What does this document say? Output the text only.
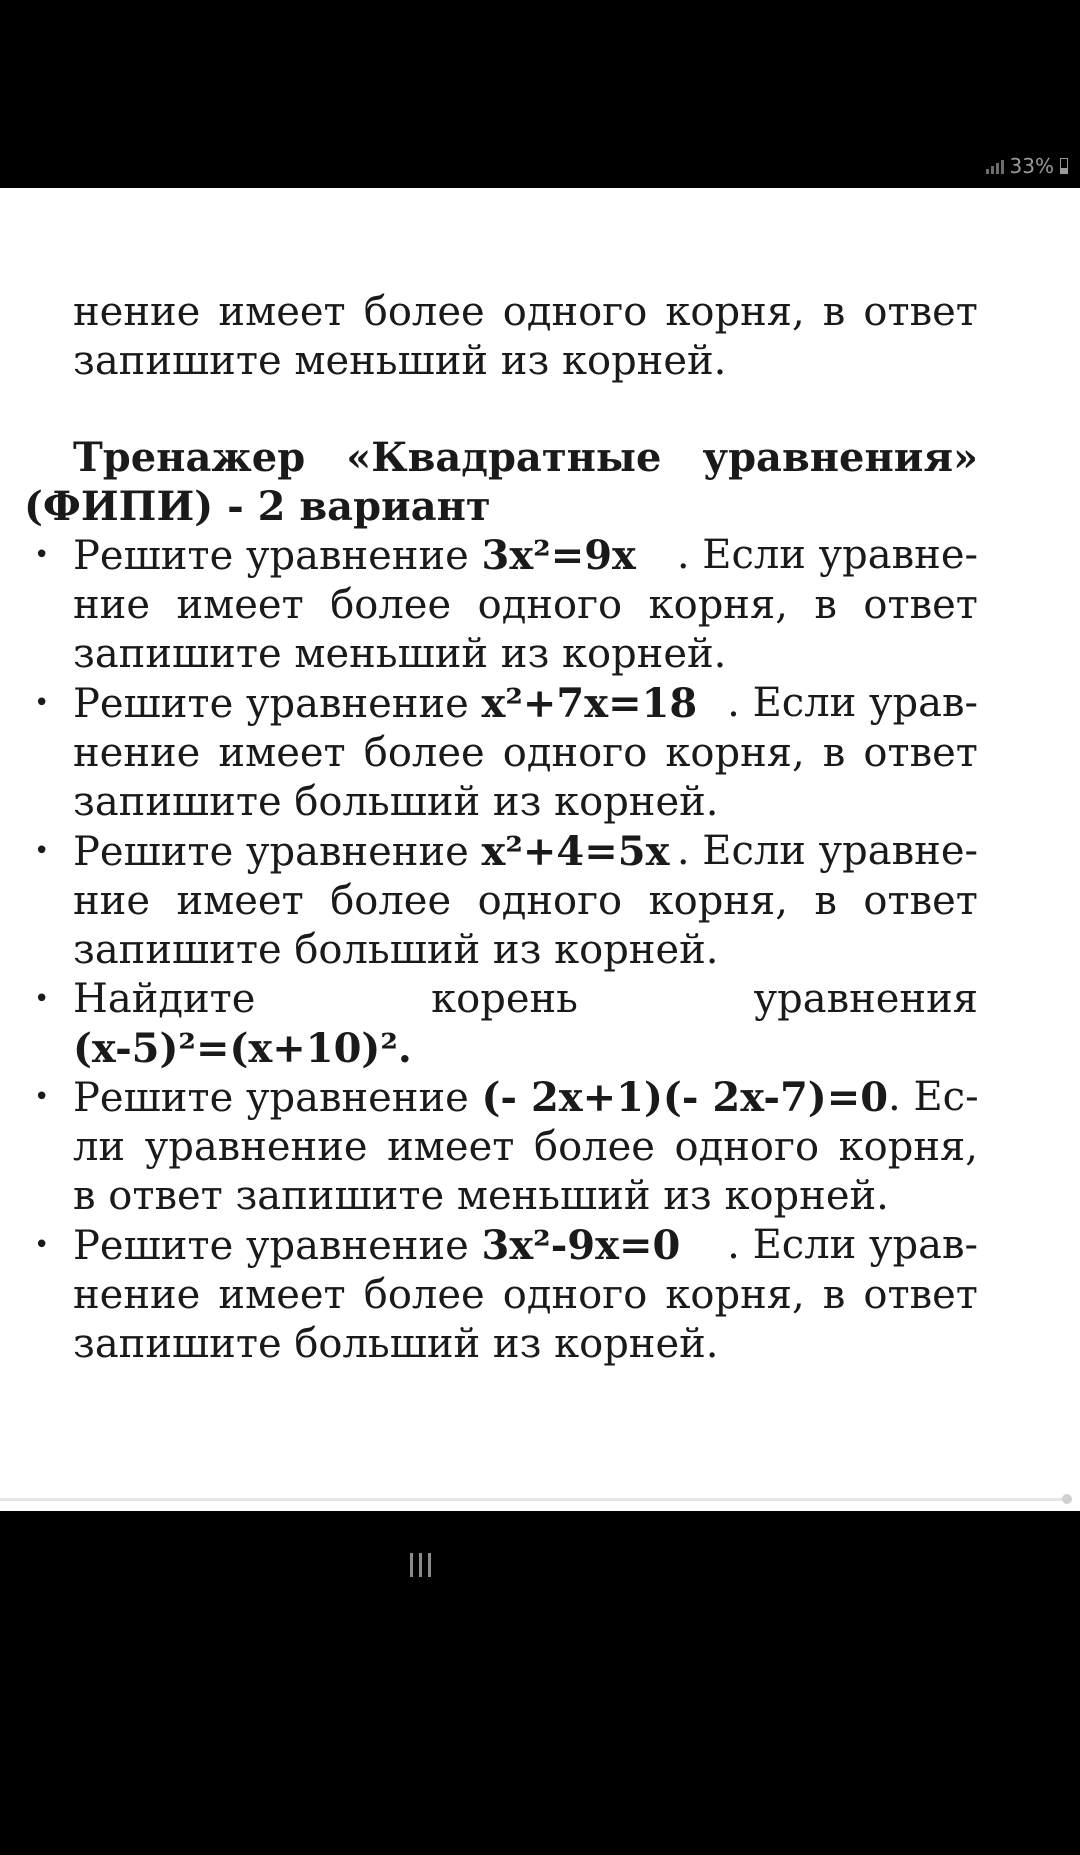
33%
нение имеет более одного корня, в ответ
запишите меньший из корней.
Тренажер «Квадратные уравнения»
(ФИПИ) - 2 вариант
• Решите уравнение 3x²=9x . Если уравне-
ние имеет более одного корня, в ответ
запишите меньший из корней.
• Решите уравнение x²+7x=18 . Если урав-
нение имеет более одного корня, в ответ
запишите больший из корней.
• Решите уравнение x²+4=5x . Если уравне-
ние имеет более одного корня, в ответ
запишите больший из корней.
• Найдите	корень	уравнения
(x-5)²=(x+10)².
• Решите уравнение (- 2x+1)(- 2x-7)=0 . Ес-
ли уравнение имеет более одного корня,
в ответ запишите меньший из корней.
• Решите уравнение 3x²-9x=0 . Если урав-
нение имеет более одного корня, в ответ
запишите больший из корней.
